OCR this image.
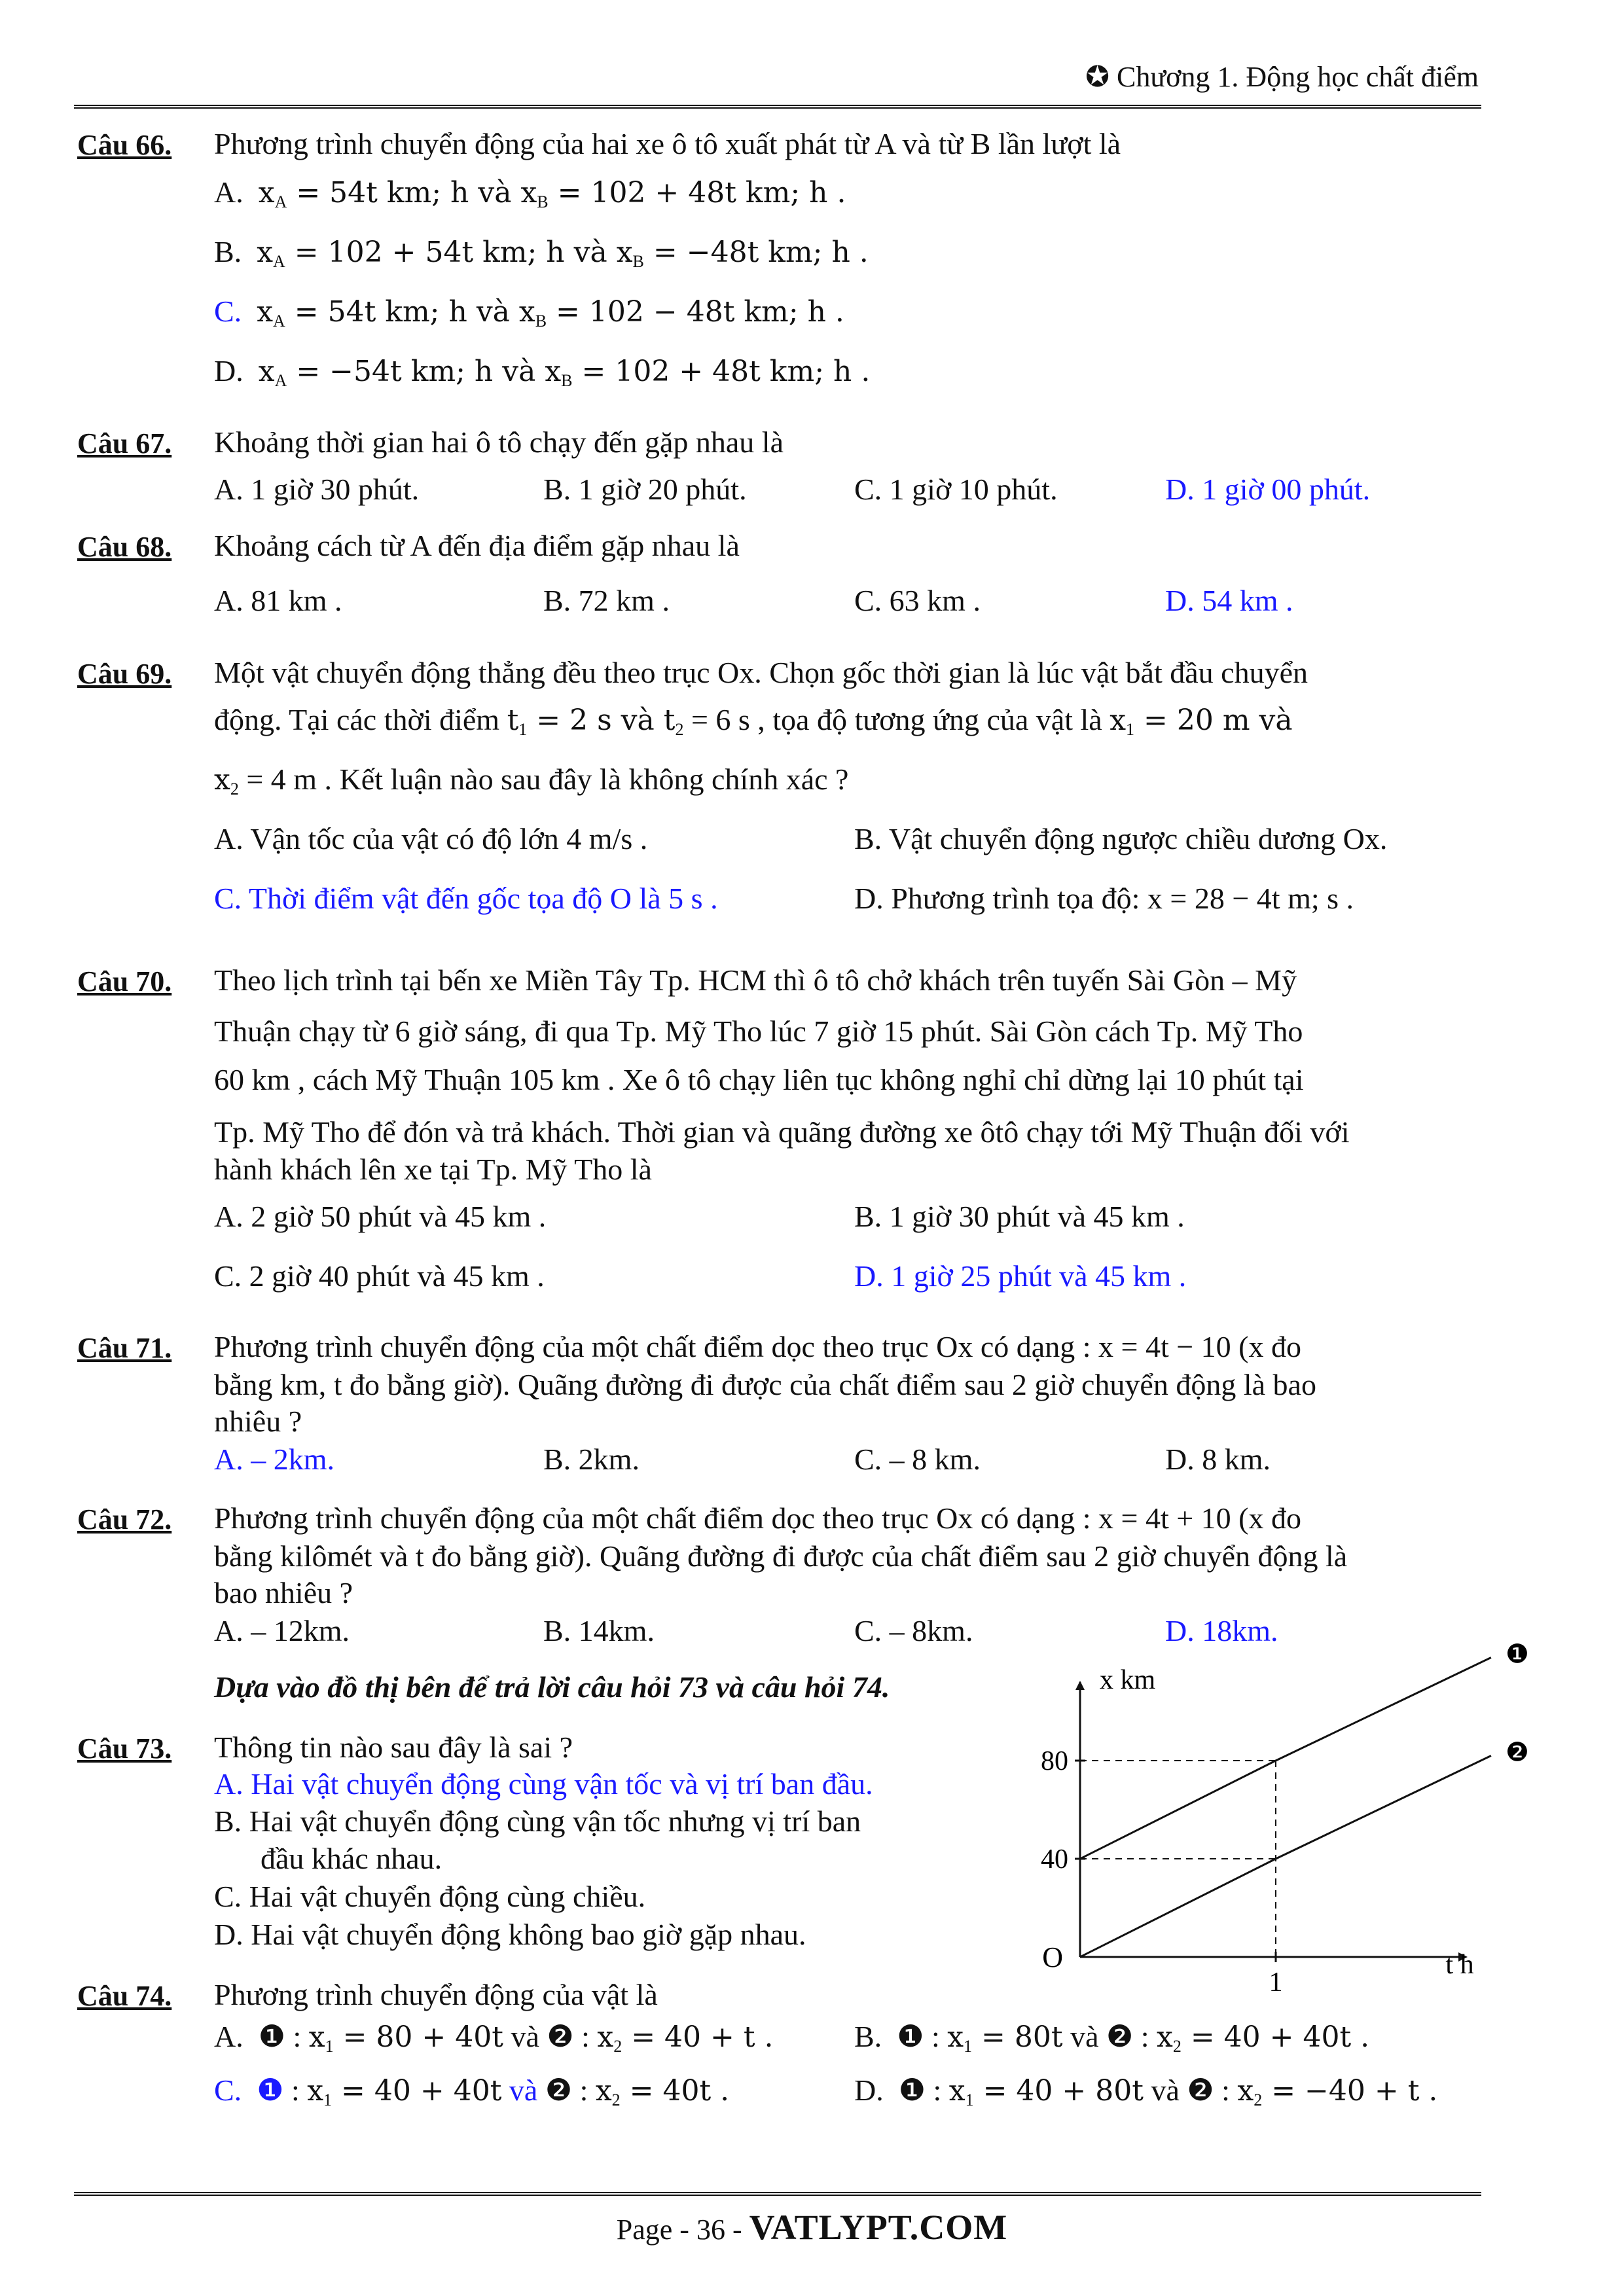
✪ Chương 1. Động học chất điểm
Câu 66. Phương trình chuyển động của hai xe ô tô xuất phát từ A và từ B lần lượt là
A. $x_A = 54t$ km; h và $x_B = 102 + 48t$ km; h .
B. $x_A = 102 + 54t$ km; h và $x_B = -48t$ km; h .
C. $x_A = 54t$ km; h và $x_B = 102 - 48t$ km; h .
D. $x_A = -54t$ km; h và $x_B = 102 + 48t$ km; h .
Câu 67. Khoảng thời gian hai ô tô chạy đến gặp nhau là
A. 1 giờ 30 phút.	B. 1 giờ 20 phút.	C. 1 giờ 10 phút.	D. 1 giờ 00 phút.
Câu 68. Khoảng cách từ A đến địa điểm gặp nhau là
A. 81 km .	B. 72 km .	C. 63 km .	D. 54 km .
Câu 69. Một vật chuyển động thẳng đều theo trục Ox. Chọn gốc thời gian là lúc vật bắt đầu chuyển
động. Tại các thời điểm $t_1 = 2$ s và $t_2 = 6$ s , tọa độ tương ứng của vật là $x_1 = 20$ m và
$x_2 = 4$ m . Kết luận nào sau đây là không chính xác ?
A. Vận tốc của vật có độ lớn 4 m/s .	B. Vật chuyển động ngược chiều dương Ox.
C. Thời điểm vật đến gốc tọa độ O là 5 s .	D. Phương trình tọa độ: x = 28 − 4t m; s .
Câu 70. Theo lịch trình tại bến xe Miền Tây Tp. HCM thì ô tô chở khách trên tuyến Sài Gòn – Mỹ
Thuận chạy từ 6 giờ sáng, đi qua Tp. Mỹ Tho lúc 7 giờ 15 phút. Sài Gòn cách Tp. Mỹ Tho
60 km , cách Mỹ Thuận 105 km . Xe ô tô chạy liên tục không nghỉ chỉ dừng lại 10 phút tại
Tp. Mỹ Tho để đón và trả khách. Thời gian và quãng đường xe ôtô chạy tới Mỹ Thuận đối với
hành khách lên xe tại Tp. Mỹ Tho là
A. 2 giờ 50 phút và 45 km .	B. 1 giờ 30 phút và 45 km .
C. 2 giờ 40 phút và 45 km .	D. 1 giờ 25 phút và 45 km .
Câu 71. Phương trình chuyển động của một chất điểm dọc theo trục Ox có dạng : x = 4t − 10 (x đo
bằng km, t đo bằng giờ). Quãng đường đi được của chất điểm sau 2 giờ chuyển động là bao
nhiêu ?
A. – 2km.	B. 2km.	C. – 8 km.	D. 8 km.
Câu 72. Phương trình chuyển động của một chất điểm dọc theo trục Ox có dạng : x = 4t + 10 (x đo
bằng kilômét và t đo bằng giờ). Quãng đường đi được của chất điểm sau 2 giờ chuyển động là
bao nhiêu ?
A. – 12km.	B. 14km.	C. – 8km.	D. 18km.
Dựa vào đồ thị bên để trả lời câu hỏi 73 và câu hỏi 74.
Câu 73. Thông tin nào sau đây là sai ?
A. Hai vật chuyển động cùng vận tốc và vị trí ban đầu.
B. Hai vật chuyển động cùng vận tốc nhưng vị trí ban
đầu khác nhau.
C. Hai vật chuyển động cùng chiều.
D. Hai vật chuyển động không bao giờ gặp nhau.
O
x km
t h
40
80
1
❶
❷
Câu 74. Phương trình chuyển động của vật là
A. ❶ : $x_1 = 80 + 40t$ và ❷ : $x_2 = 40 + t$ .	B. ❶ : $x_1 = 80t$ và ❷ : $x_2 = 40 + 40t$ .
C. ❶ : $x_1 = 40 + 40t$ và ❷ : $x_2 = 40t$ .	D. ❶ : $x_1 = 40 + 80t$ và ❷ : $x_2 = -40 + t$ .
Page - 36 - VATLYPT.COM
